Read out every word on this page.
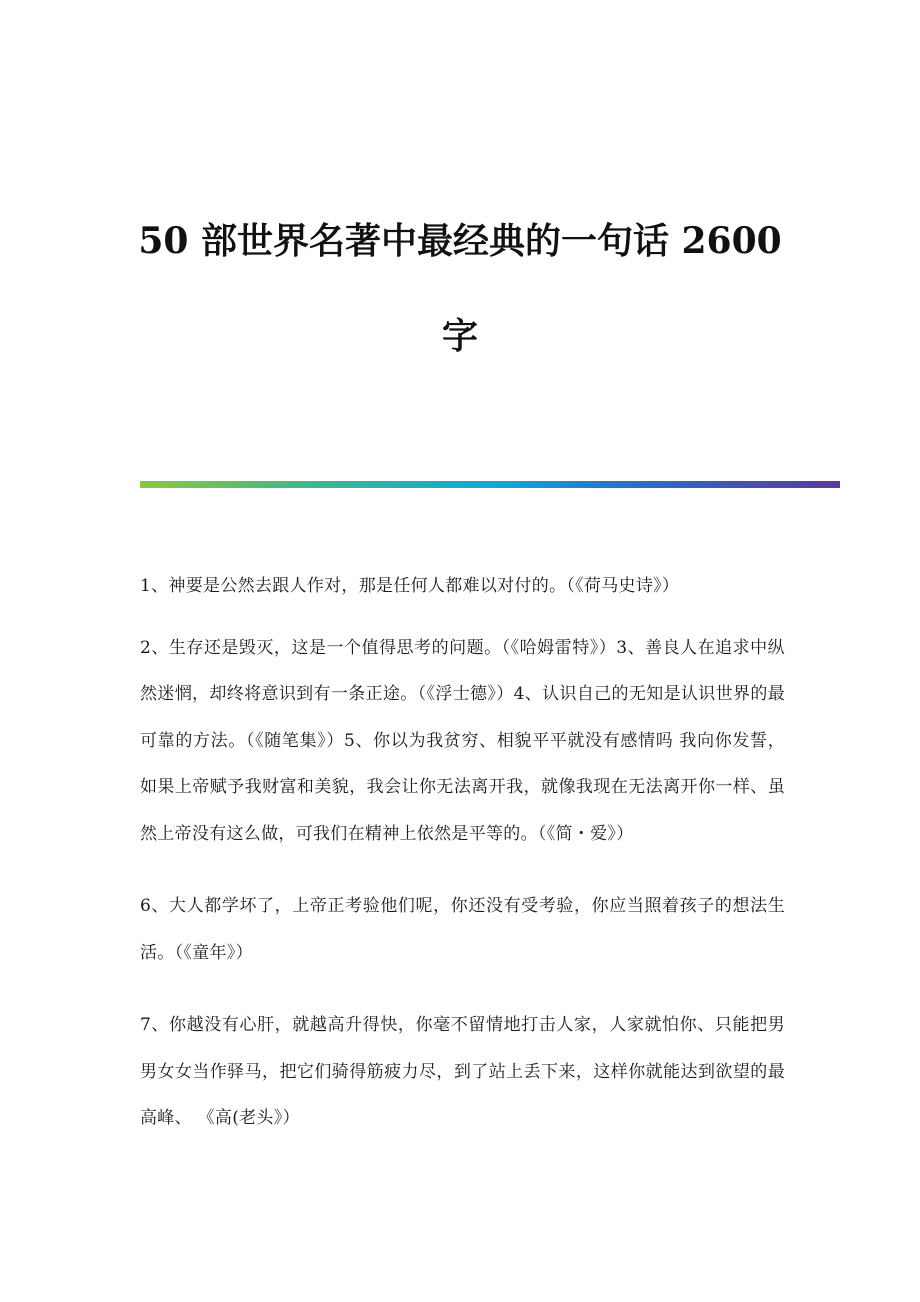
50 部世界名著中最经典的一句话 2600
字

1、神要是公然去跟人作对，那是任何人都难以对付的。（《荷马史诗》）

2、生存还是毁灭，这是一个值得思考的问题。（《哈姆雷特》）3、善良人在追求中纵然迷惘，却终将意识到有一条正途。（《浮士德》）4、认识自己的无知是认识世界的最可靠的方法。（《随笔集》）5、你以为我贫穷、相貌平平就没有感情吗 我向你发誓，如果上帝赋予我财富和美貌，我会让你无法离开我，就像我现在无法离开你一样、虽然上帝没有这么做，可我们在精神上依然是平等的。（《简・爱》）

6、大人都学坏了，上帝正考验他们呢，你还没有受考验，你应当照着孩子的想法生活。（《童年》）

7、你越没有心肝，就越高升得快，你毫不留情地打击人家，人家就怕你、只能把男男女女当作驿马，把它们骑得筋疲力尽，到了站上丢下来，这样你就能达到欲望的最高峰、 《高(老头》）
